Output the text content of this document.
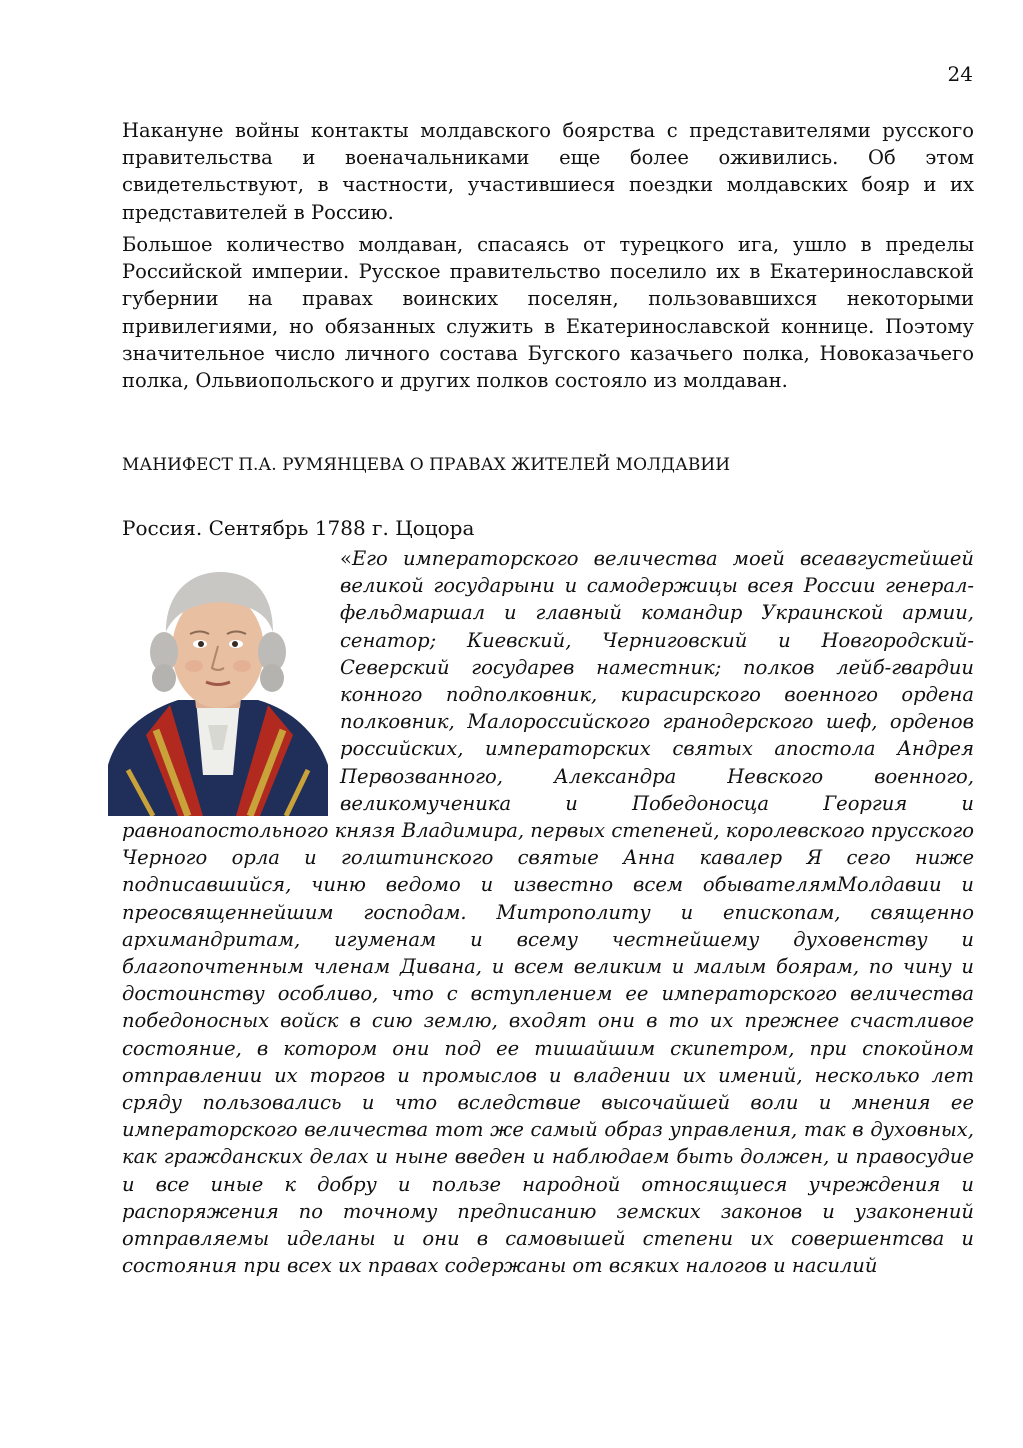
24

Накануне войны контакты молдавского боярства с представителями русского правительства и военачальниками еще более оживились. Об этом свидетельствуют, в частности, участившиеся поездки молдавских бояр и их представителей в Россию.

Большое количество молдаван, спасаясь от турецкого ига, ушло в пределы Российской империи. Русское правительство поселило их в Екатеринославской губернии на правах воинских поселян, пользовавшихся некоторыми привилегиями, но обязанных служить в Екатеринославской коннице. Поэтому значительное число личного состава Бугского казачьего полка, Новоказачьего полка, Ольвиопольского и других полков состояло из молдаван.

МАНИФЕСТ П.А. РУМЯНЦЕВА О ПРАВАХ ЖИТЕЛЕЙ МОЛДАВИИ

Россия. Сентябрь 1788 г. Цоцора

«Его императорского величества моей всеавгустейшей великой государыни и самодержицы всея России генерал-фельдмаршал и главный командир Украинской армии, сенатор; Киевский, Черниговский и Новгородский-Северский государев наместник; полков лейб-гвардии конного подполковник, кирасирского военного ордена полковник, Малороссийского гранодерского шеф, орденов российских, императорских святых апостола Андрея Первозванного, Александра Невского военного, великомученика и Победоносца Георгия и равноапостольного князя Владимира, первых степеней, королевского прусского Черного орла и голштинского святые Анна кавалер Я сего ниже подписавшийся, чиню ведомо и известно всем обывателямМолдавии и преосвященнейшим господам. Митрополиту и епископам, священно архимандритам, игуменам и всему честнейшему духовенству и благопочтенным членам Дивана, и всем великим и малым боярам, по чину и достоинству особливо, что с вступлением ее императорского величества победоносных войск в сию землю, входят они в то их прежнее счастливое состояние, в котором они под ее тишайшим скипетром, при спокойном отправлении их торгов и промыслов и владении их имений, несколько лет сряду пользовались и что вследствие высочайшей воли и мнения ее императорского величества тот же самый образ управления, так в духовных, как гражданских делах и ныне введен и наблюдаем быть должен, и правосудие и все иные к добру и пользе народной относящиеся учреждения и распоряжения по точному предписанию земских законов и узаконений отправляемы иделаны и они в самовышей степени их совершентсва и состояния при всех их правах содержаны от всяких налогов и насилий
